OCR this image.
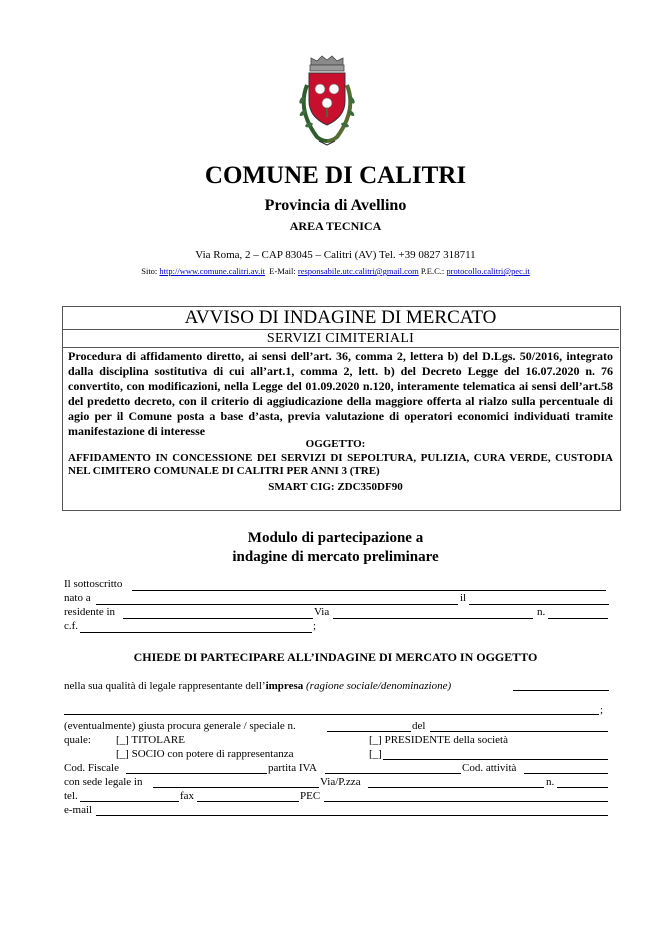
COMUNE DI CALITRI
Provincia di Avellino
AREA TECNICA
Via Roma, 2 – CAP 83045 – Calitri (AV) Tel. +39 0827 318711
Sito: http://www.comune.calitri.av.it E-Mail: responsabile.utc.calitri@gmail.com P.E.C.: protocollo.calitri@pec.it
AVVISO DI INDAGINE DI MERCATO
SERVIZI CIMITERIALI
Procedura di affidamento diretto, ai sensi dell’art. 36, comma 2, lettera b) del D.Lgs. 50/2016, integrato dalla disciplina sostitutiva di cui all’art.1, comma 2, lett. b) del Decreto Legge del 16.07.2020 n. 76 convertito, con modificazioni, nella Legge del 01.09.2020 n.120, interamente telematica ai sensi dell’art.58 del predetto decreto, con il criterio di aggiudicazione della maggiore offerta al rialzo sulla percentuale di agio per il Comune posta a base d’asta, previa valutazione di operatori economici individuati tramite manifestazione di interesse
OGGETTO:
AFFIDAMENTO IN CONCESSIONE DEI SERVIZI DI SEPOLTURA, PULIZIA, CURA VERDE, CUSTODIA NEL CIMITERO COMUNALE DI CALITRI PER ANNI 3 (TRE)
SMART CIG: ZDC350DF90
Modulo di partecipazione a
indagine di mercato preliminare
Il sottoscritto
nato a	il
residente in	Via	n.
c.f.	;
CHIEDE DI PARTECIPARE ALL’INDAGINE DI MERCATO IN OGGETTO
nella sua qualità di legale rappresentante dell’impresa (ragione sociale/denominazione)
;
(eventualmente) giusta procura generale / speciale n.	del
quale: [_] TITOLARE	[_] PRESIDENTE della società
[_] SOCIO con potere di rappresentanza	[_]
Cod. Fiscale	partita IVA	Cod. attività
con sede legale in	Via/P.zza	n.
tel.	fax	PEC
e-mail
